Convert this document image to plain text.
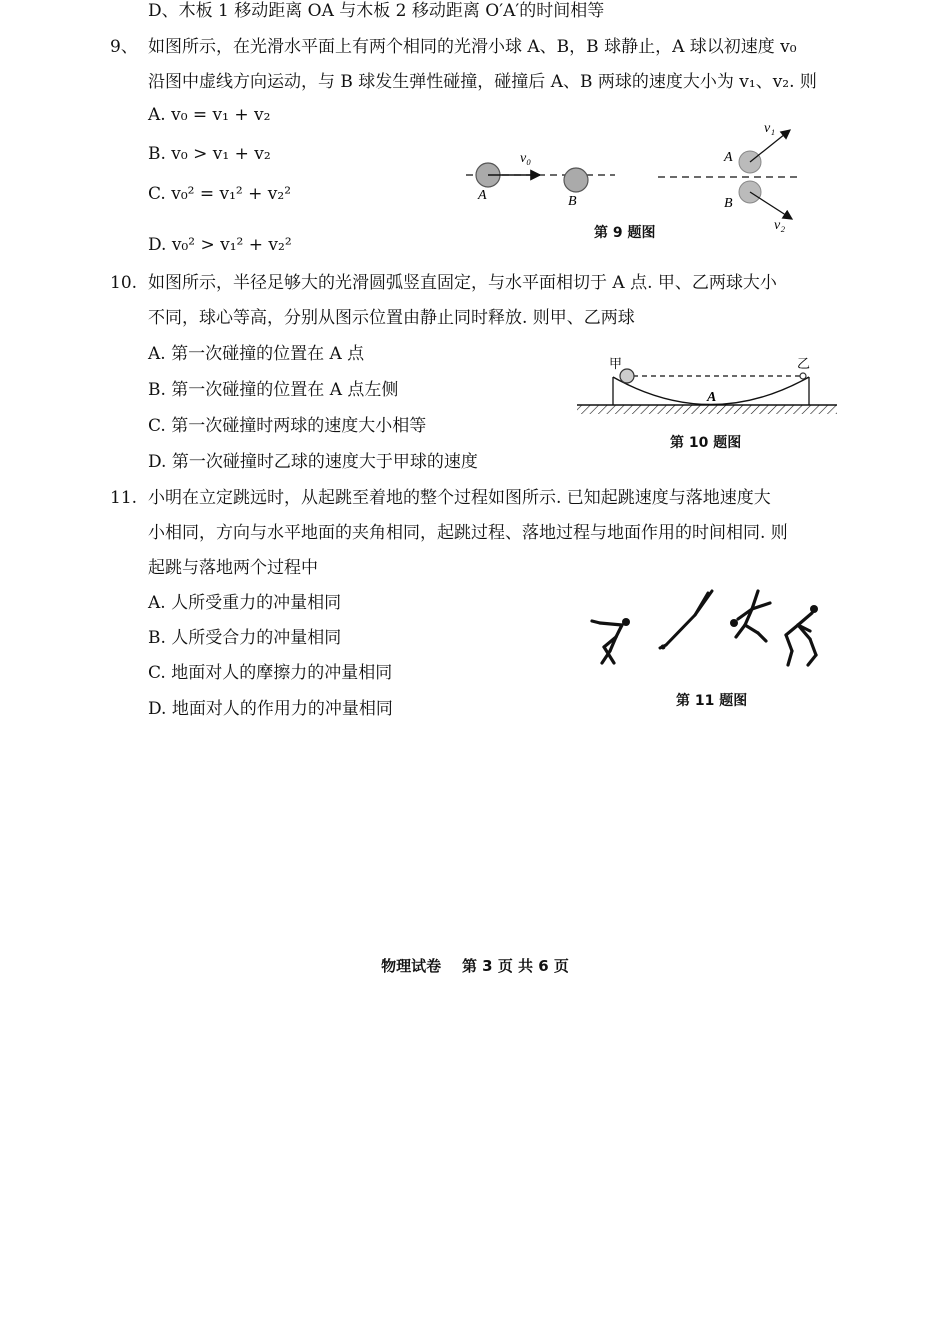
D、木板 1 移动距离 OA 与木板 2 移动距离 O′A′的时间相等
9、 如图所示，在光滑水平面上有两个相同的光滑小球 A、B，B 球静止，A 球以初速度 v₀
沿图中虚线方向运动，与 B 球发生弹性碰撞，碰撞后 A、B 两球的速度大小为 v₁、v₂. 则
A. v₀ = v₁ + v₂
B. v₀ > v₁ + v₂
C. v₀² = v₁² + v₂²
D. v₀² > v₁² + v₂²
v₀
A	B
v₁
A
B
v₂
第 9 题图
10. 如图所示，半径足够大的光滑圆弧竖直固定，与水平面相切于 A 点. 甲、乙两球大小
不同，球心等高，分别从图示位置由静止同时释放. 则甲、乙两球
A. 第一次碰撞的位置在 A 点
B. 第一次碰撞的位置在 A 点左侧
C. 第一次碰撞时两球的速度大小相等
D. 第一次碰撞时乙球的速度大于甲球的速度
甲	乙
A
第 10 题图
11. 小明在立定跳远时，从起跳至着地的整个过程如图所示. 已知起跳速度与落地速度大
小相同，方向与水平地面的夹角相同，起跳过程、落地过程与地面作用的时间相同. 则
起跳与落地两个过程中
A. 人所受重力的冲量相同
B. 人所受合力的冲量相同
C. 地面对人的摩擦力的冲量相同
D. 地面对人的作用力的冲量相同	第 11 题图
物理试卷    第 3 页 共 6 页
